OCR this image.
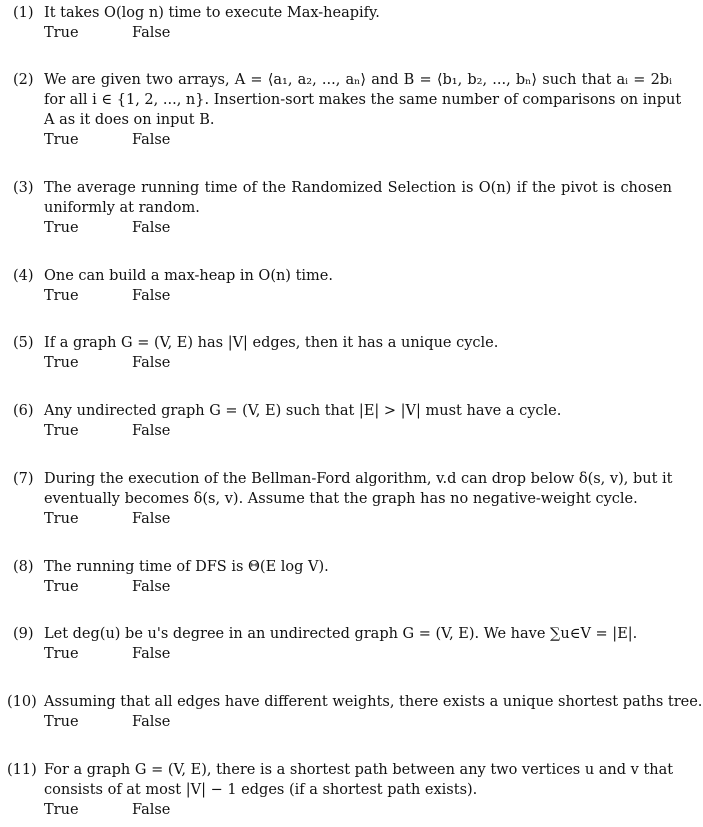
(1) It takes O(log n) time to execute Max-heapify.
True	False
(2) We are given two arrays, A = ⟨a₁, a₂, ..., aₙ⟩ and B = ⟨b₁, b₂, ..., bₙ⟩ such that aᵢ = 2bᵢ
for all i ∈ {1, 2, ..., n}. Insertion-sort makes the same number of comparisons on input
A as it does on input B.
True	False
(3) The average running time of the Randomized Selection is O(n) if the pivot is chosen
uniformly at random.
True	False
(4) One can build a max-heap in O(n) time.
True	False
(5) If a graph G = (V, E) has |V| edges, then it has a unique cycle.
True	False
(6) Any undirected graph G = (V, E) such that |E| > |V| must have a cycle.
True	False
(7) During the execution of the Bellman-Ford algorithm, v.d can drop below δ(s, v), but it
eventually becomes δ(s, v). Assume that the graph has no negative-weight cycle.
True	False
(8) The running time of DFS is Θ(E log V).
True	False
(9) Let deg(u) be u's degree in an undirected graph G = (V, E). We have ∑u∈V = |E|.
True	False
(10) Assuming that all edges have different weights, there exists a unique shortest paths tree.
True	False
(11) For a graph G = (V, E), there is a shortest path between any two vertices u and v that
consists of at most |V| − 1 edges (if a shortest path exists).
True	False
